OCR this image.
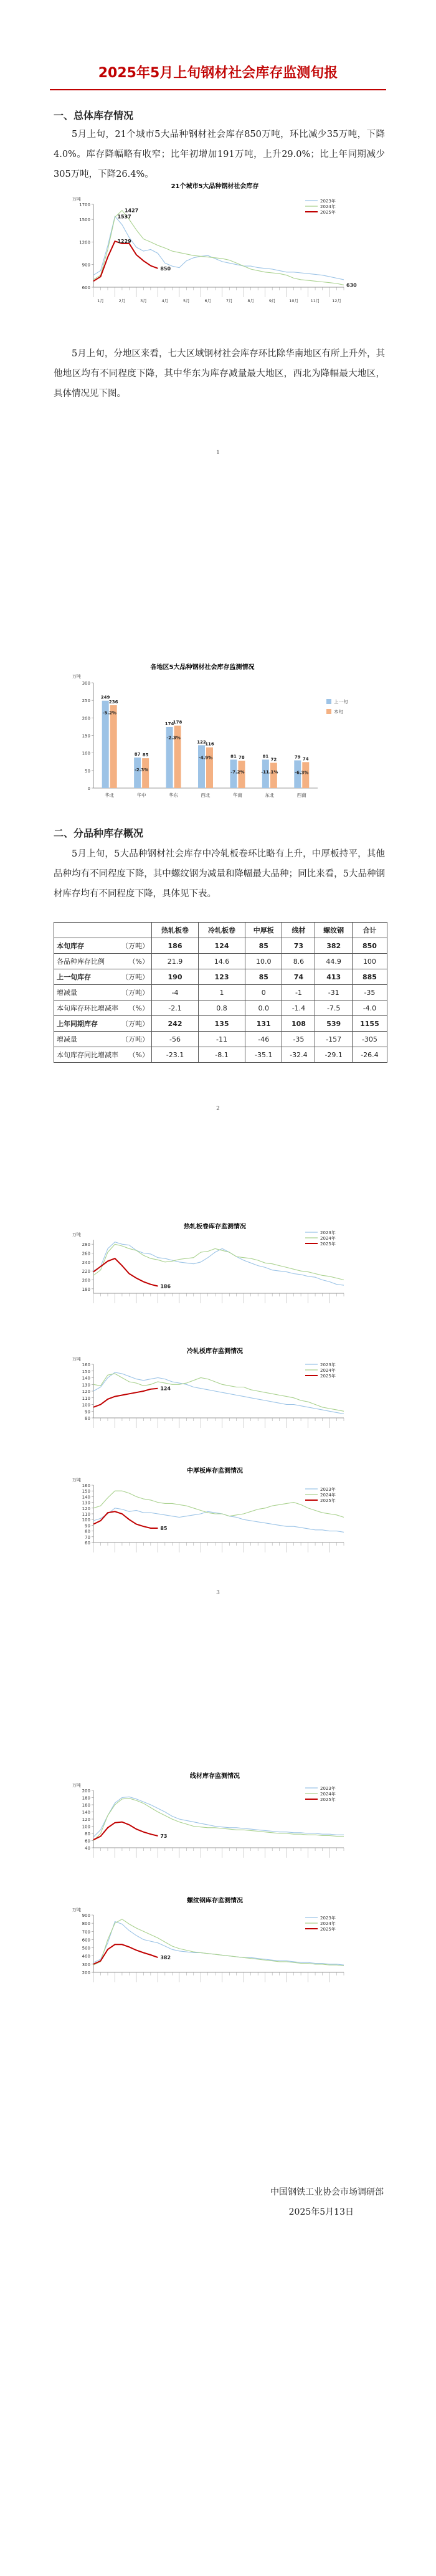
2025年5月上旬钢材社会库存监测旬报
一、总体库存情况
5月上旬，21个城市5大品种钢材社会库存850万吨，环比减少35万吨，下降4.0%。库存降幅略有收窄；比年初增加191万吨，上升29.0%；比上年同期减少305万吨，下降26.4%。
21个城市5大品种钢材社会库存
万吨
600
900
1200
1500
1700
2023年
2024年
2025年
1537
1427
1229
850
630
1月	2月	3月	4月	5月	6月	7月	8月	9月	10月	11月	12月
5月上旬，分地区来看，七大区域钢材社会库存环比除华南地区有所上升外，其他地区均有不同程度下降，其中华东为库存减量最大地区，西北为降幅最大地区，具体情况见下图。
1
各地区5大品种钢材社会库存监测情况
万吨
0
50
100
150
200
250
300
249
236
-5.2%
华北
87 85
-2.3%
华中
174
178
-2.3%
华东
122
116
-4.9%
西北
81 78
-7.2%
华南
81
72
-11.1%
东北
79 74
-6.3%
西南
上一旬
本旬
二、分品种库存概况
5月上旬，5大品种钢材社会库存中冷轧板卷环比略有上升，中厚板持平，其他品种均有不同程度下降，其中螺纹钢为减量和降幅最大品种；同比来看，5大品种钢材库存均有不同程度下降，具体见下表。
	热轧板卷	冷轧板卷	中厚板	线材	螺纹钢	合计
本旬库存 （万吨）	186	124	85	73	382	850
各品种库存比例 （%）	21.9	14.6	10.0	8.6	44.9	100
上一旬库存 （万吨）	190	123	85	74	413	885
增减量 （万吨）	-4	1	0	-1	-31	-35
本旬库存环比增减率 （%）	-2.1	0.8	0.0	-1.4	-7.5	-4.0
上年同期库存 （万吨）	242	135	131	108	539	1155
增减量 （万吨）	-56	-11	-46	-35	-157	-305
本旬库存同比增减率 （%）	-23.1	-8.1	-35.1	-32.4	-29.1	-26.4
2
热轧板卷库存监测情况
万吨
180
200
220
240
260
280
2023年
2024年
2025年
186
冷轧板库存监测情况
万吨
80
90
100
110
120
130
140
150
160	2023年
2024年
2025年
124
中厚板库存监测情况
万吨
60
70
80
90
100
110
120
130
140
150
160
2023年
2024年
2025年
85
3
线材库存监测情况
万吨
40
60
80
100
120
140
160
180
200	2023年
2024年
2025年
73
螺纹钢库存监测情况
万吨
200
300
400
500
600
700
800
900	2023年
2024年
2025年
382
中国钢铁工业协会市场调研部
2025年5月13日
